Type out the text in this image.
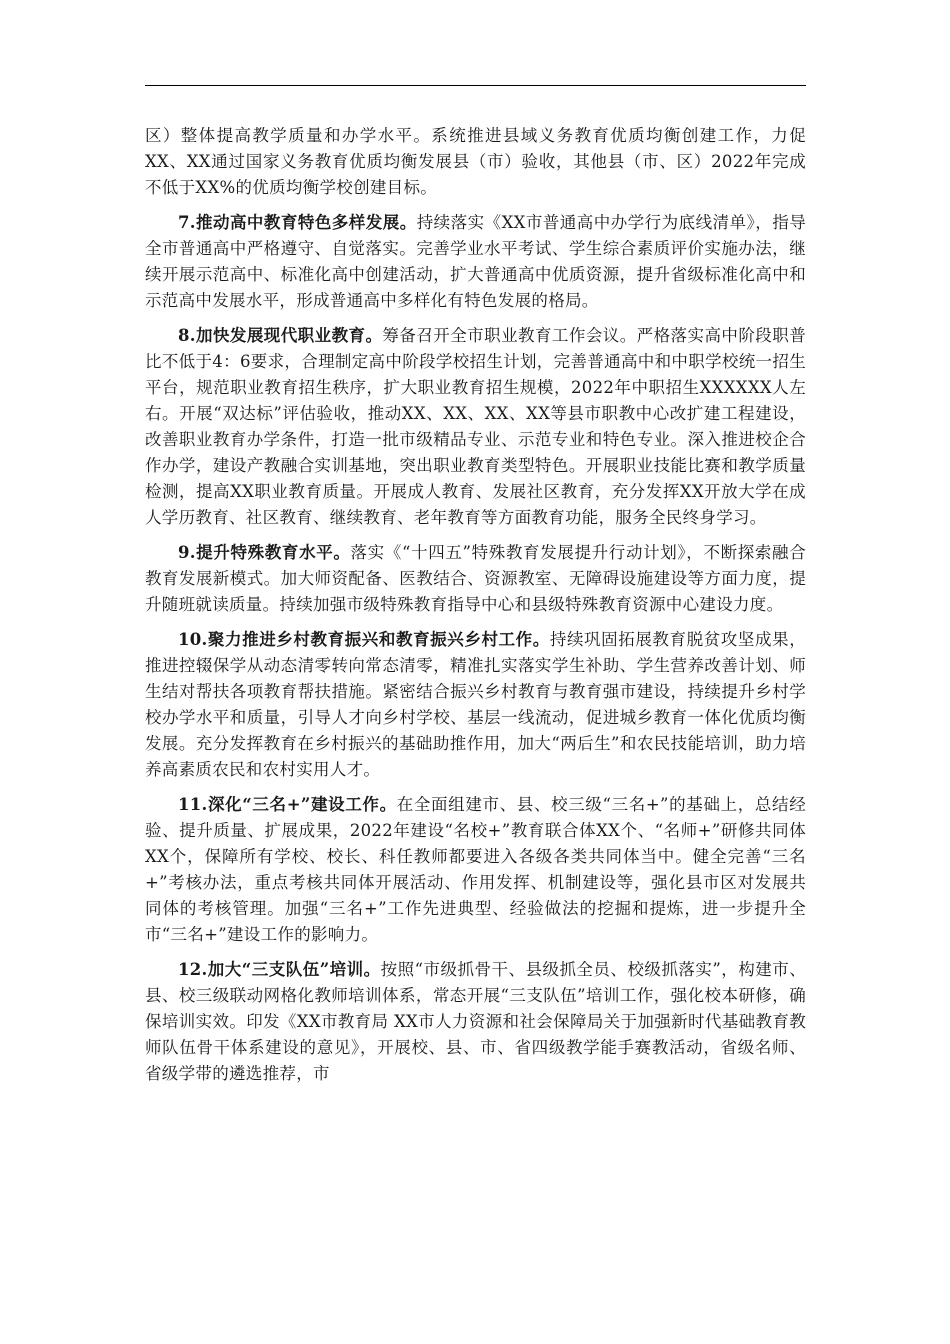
区）整体提高教学质量和办学水平。系统推进县域义务教育优质均衡创建工作，力促XX、XX通过国家义务教育优质均衡发展县（市）验收，其他县（市、区）2022年完成不低于XX%的优质均衡学校创建目标。

7.推动高中教育特色多样发展。持续落实《XX市普通高中办学行为底线清单》，指导全市普通高中严格遵守、自觉落实。完善学业水平考试、学生综合素质评价实施办法，继续开展示范高中、标准化高中创建活动，扩大普通高中优质资源，提升省级标准化高中和示范高中发展水平，形成普通高中多样化有特色发展的格局。

8.加快发展现代职业教育。筹备召开全市职业教育工作会议。严格落实高中阶段职普比不低于4：6要求，合理制定高中阶段学校招生计划，完善普通高中和中职学校统一招生平台，规范职业教育招生秩序，扩大职业教育招生规模，2022年中职招生XXXXXX人左右。开展“双达标”评估验收，推动XX、XX、XX、XX等县市职教中心改扩建工程建设，改善职业教育办学条件，打造一批市级精品专业、示范专业和特色专业。深入推进校企合作办学，建设产教融合实训基地，突出职业教育类型特色。开展职业技能比赛和教学质量检测，提高XX职业教育质量。开展成人教育、发展社区教育，充分发挥XX开放大学在成人学历教育、社区教育、继续教育、老年教育等方面教育功能，服务全民终身学习。

9.提升特殊教育水平。落实《“十四五”特殊教育发展提升行动计划》，不断探索融合教育发展新模式。加大师资配备、医教结合、资源教室、无障碍设施建设等方面力度，提升随班就读质量。持续加强市级特殊教育指导中心和县级特殊教育资源中心建设力度。

10.聚力推进乡村教育振兴和教育振兴乡村工作。持续巩固拓展教育脱贫攻坚成果，推进控辍保学从动态清零转向常态清零，精准扎实落实学生补助、学生营养改善计划、师生结对帮扶各项教育帮扶措施。紧密结合振兴乡村教育与教育强市建设，持续提升乡村学校办学水平和质量，引导人才向乡村学校、基层一线流动，促进城乡教育一体化优质均衡发展。充分发挥教育在乡村振兴的基础助推作用，加大“两后生”和农民技能培训，助力培养高素质农民和农村实用人才。

11.深化“三名+”建设工作。在全面组建市、县、校三级“三名+”的基础上，总结经验、提升质量、扩展成果，2022年建设“名校+”教育联合体XX个、“名师+”研修共同体XX个，保障所有学校、校长、科任教师都要进入各级各类共同体当中。健全完善“三名+”考核办法，重点考核共同体开展活动、作用发挥、机制建设等，强化县市区对发展共同体的考核管理。加强“三名+”工作先进典型、经验做法的挖掘和提炼，进一步提升全市“三名+”建设工作的影响力。

12.加大“三支队伍”培训。按照“市级抓骨干、县级抓全员、校级抓落实”，构建市、县、校三级联动网格化教师培训体系，常态开展“三支队伍”培训工作，强化校本研修，确保培训实效。印发《XX市教育局 XX市人力资源和社会保障局关于加强新时代基础教育教师队伍骨干体系建设的意见》，开展校、县、市、省四级教学能手赛教活动，省级名师、省级学带的遴选推荐，市
